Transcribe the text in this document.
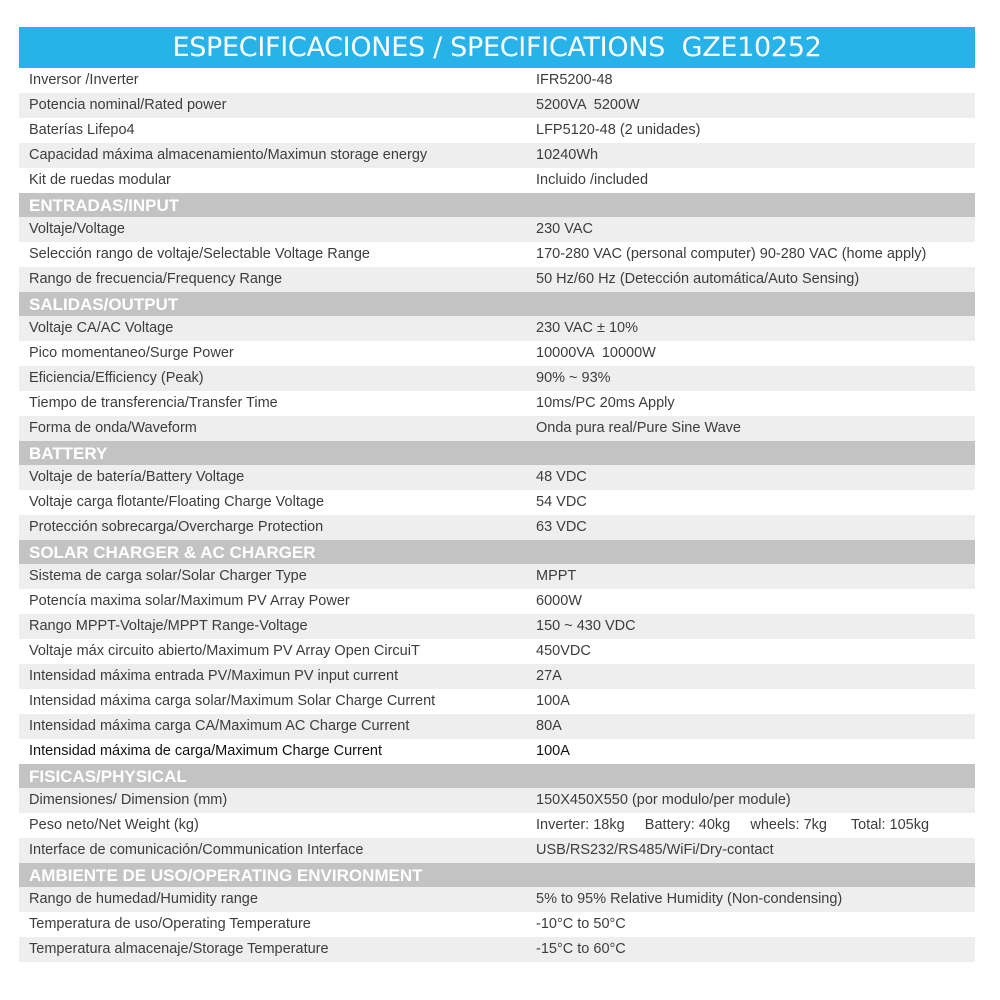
ESPECIFICACIONES / SPECIFICATIONS  GZE10252
Inversor /Inverter	IFR5200-48
Potencia nominal/Rated power	5200VA  5200W
Baterías Lifepo4	LFP5120-48 (2 unidades)
Capacidad máxima almacenamiento/Maximun storage energy	10240Wh
Kit de ruedas modular	Incluido /included
ENTRADAS/INPUT
Voltaje/Voltage	230 VAC
Selección rango de voltaje/Selectable Voltage Range	170-280 VAC (personal computer) 90-280 VAC (home apply)
Rango de frecuencia/Frequency Range	50 Hz/60 Hz (Detección automática/Auto Sensing)
SALIDAS/OUTPUT
Voltaje CA/AC Voltage	230 VAC ± 10%
Pico momentaneo/Surge Power	10000VA  10000W
Eficiencia/Efficiency (Peak)	90% ~ 93%
Tiempo de transferencia/Transfer Time	10ms/PC 20ms Apply
Forma de onda/Waveform	Onda pura real/Pure Sine Wave
BATTERY
Voltaje de batería/Battery Voltage	48 VDC
Voltaje carga flotante/Floating Charge Voltage	54 VDC
Protección sobrecarga/Overcharge Protection	63 VDC
SOLAR CHARGER & AC CHARGER
Sistema de carga solar/Solar Charger Type	MPPT
Potencía maxima solar/Maximum PV Array Power	6000W
Rango MPPT-Voltaje/MPPT Range-Voltage	150 ~ 430 VDC
Voltaje máx circuito abierto/Maximum PV Array Open CircuiT	450VDC
Intensidad máxima entrada PV/Maximun PV input current	27A
Intensidad máxima carga solar/Maximum Solar Charge Current	100A
Intensidad máxima carga CA/Maximum AC Charge Current	80A
Intensidad máxima de carga/Maximum Charge Current	100A
FISICAS/PHYSICAL
Dimensiones/ Dimension (mm)	150X450X550 (por modulo/per module)
Peso neto/Net Weight (kg)	Inverter: 18kg     Battery: 40kg     wheels: 7kg      Total: 105kg
Interface de comunicación/Communication Interface	USB/RS232/RS485/WiFi/Dry-contact
AMBIENTE DE USO/OPERATING ENVIRONMENT
Rango de humedad/Humidity range	5% to 95% Relative Humidity (Non-condensing)
Temperatura de uso/Operating Temperature	-10°C to 50°C
Temperatura almacenaje/Storage Temperature	-15°C to 60°C
